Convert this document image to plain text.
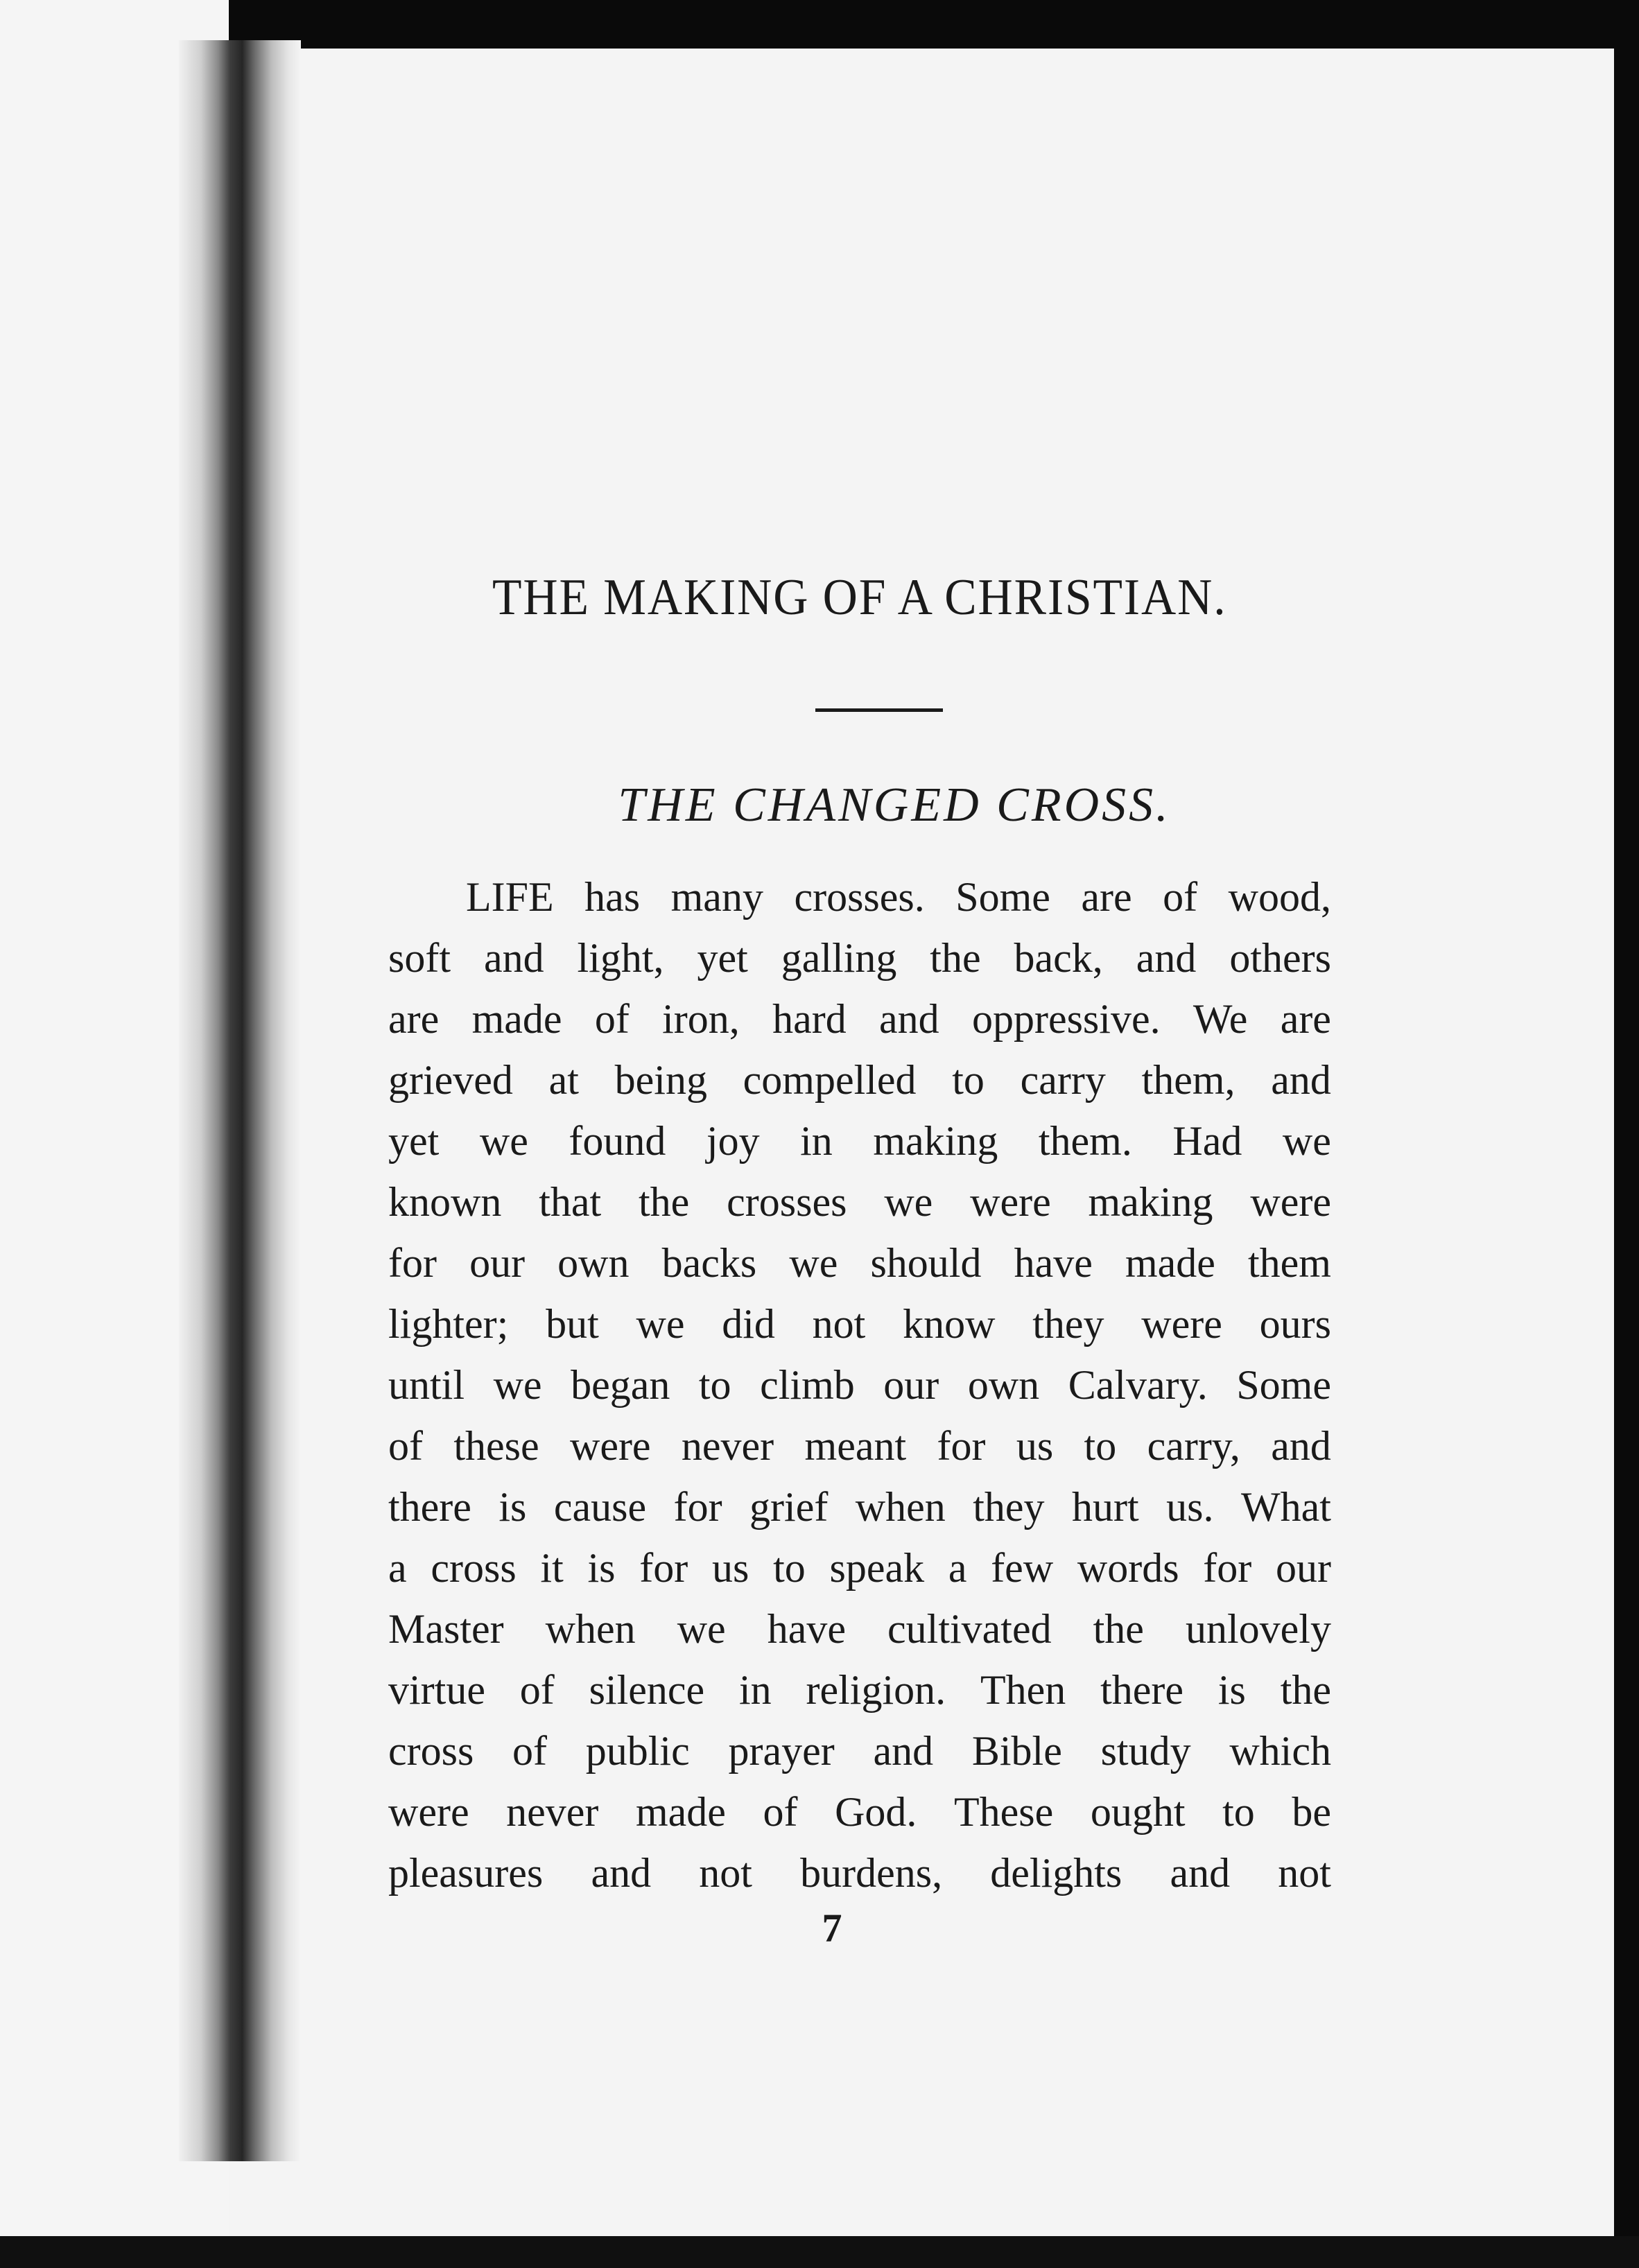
THE MAKING OF A CHRISTIAN.
THE CHANGED CROSS.
LIFE has many crosses. Some are of wood,
soft and light, yet galling the back, and others
are made of iron, hard and oppressive. We are
grieved at being compelled to carry them, and
yet we found joy in making them. Had we
known that the crosses we were making were
for our own backs we should have made them
lighter; but we did not know they were ours
until we began to climb our own Calvary. Some
of these were never meant for us to carry, and
there is cause for grief when they hurt us. What
a cross it is for us to speak a few words for our
Master when we have cultivated the unlovely
virtue of silence in religion. Then there is the
cross of public prayer and Bible study which
were never made of God. These ought to be
pleasures and not burdens, delights and not
7
